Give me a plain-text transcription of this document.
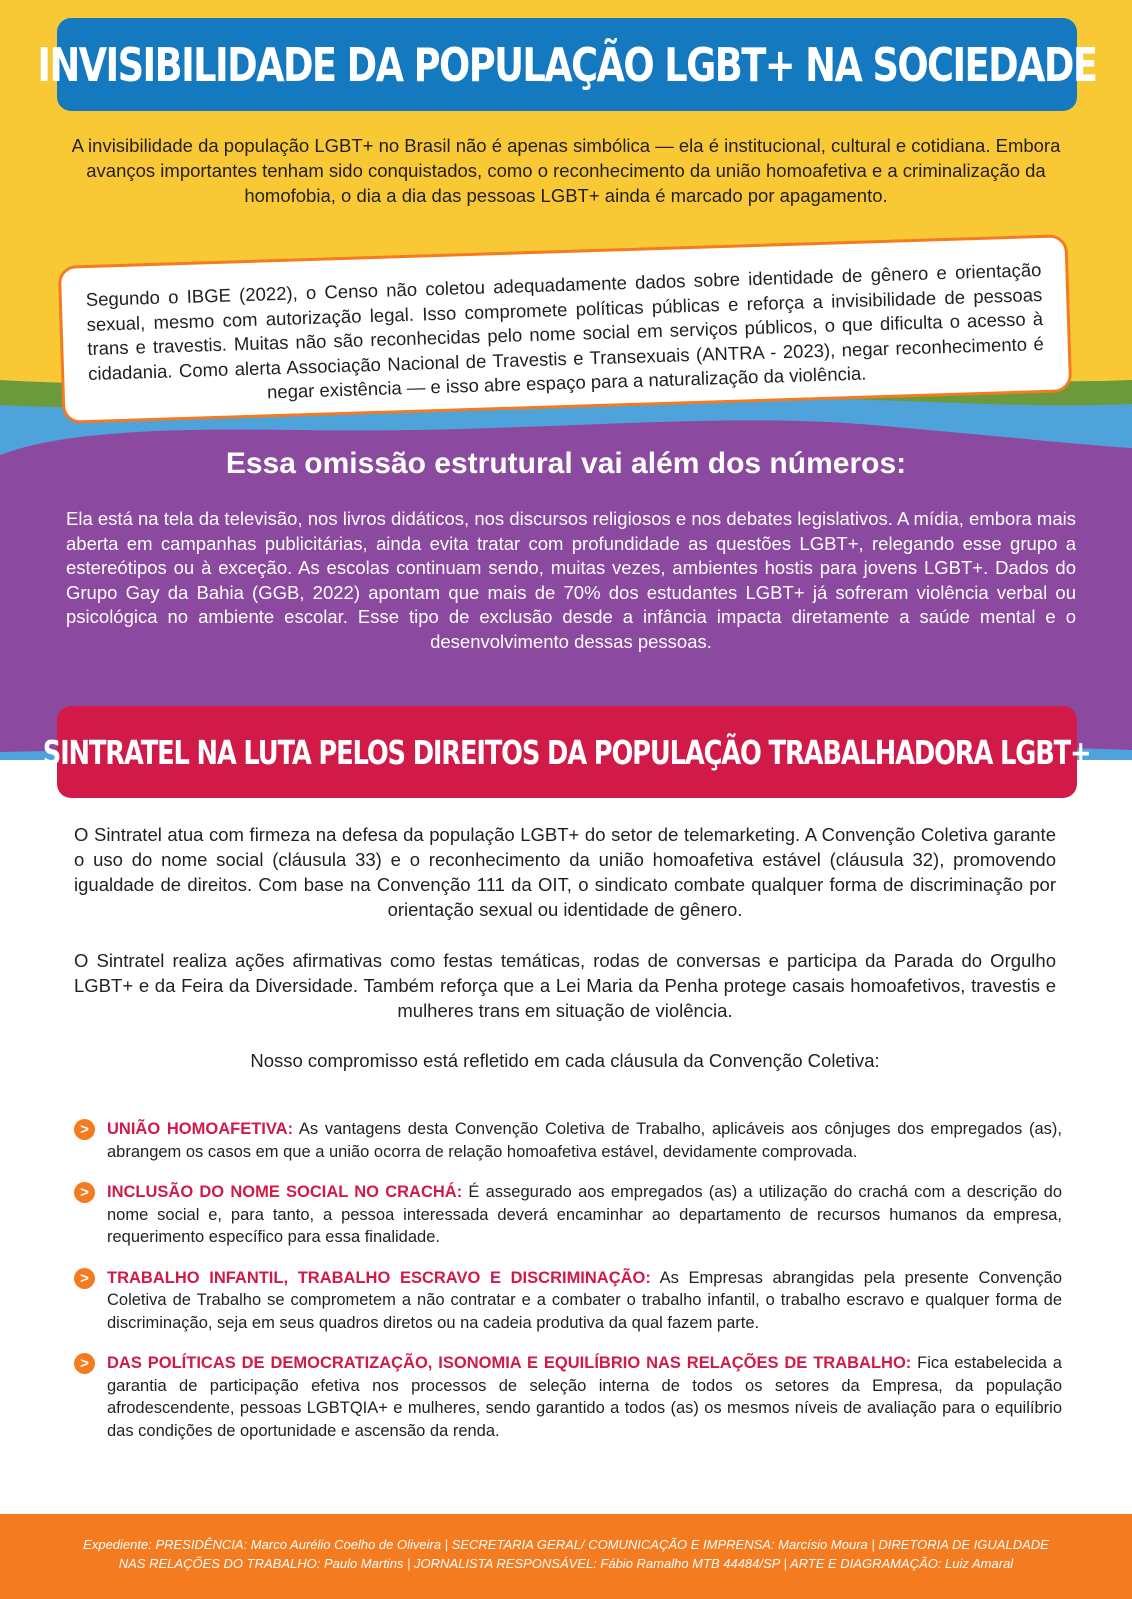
INVISIBILIDADE DA POPULAÇÃO LGBT+ NA SOCIEDADE

A invisibilidade da população LGBT+ no Brasil não é apenas simbólica — ela é institucional, cultural e cotidiana. Embora avanços importantes tenham sido conquistados, como o reconhecimento da união homoafetiva e a criminalização da homofobia, o dia a dia das pessoas LGBT+ ainda é marcado por apagamento.

Segundo o IBGE (2022), o Censo não coletou adequadamente dados sobre identidade de gênero e orientação sexual, mesmo com autorização legal. Isso compromete políticas públicas e reforça a invisibilidade de pessoas trans e travestis. Muitas não são reconhecidas pelo nome social em serviços públicos, o que dificulta o acesso à cidadania. Como alerta Associação Nacional de Travestis e Transexuais (ANTRA - 2023), negar reconhecimento é negar existência — e isso abre espaço para a naturalização da violência.

Essa omissão estrutural vai além dos números:

Ela está na tela da televisão, nos livros didáticos, nos discursos religiosos e nos debates legislativos. A mídia, embora mais aberta em campanhas publicitárias, ainda evita tratar com profundidade as questões LGBT+, relegando esse grupo a estereótipos ou à exceção. As escolas continuam sendo, muitas vezes, ambientes hostis para jovens LGBT+. Dados do Grupo Gay da Bahia (GGB, 2022) apontam que mais de 70% dos estudantes LGBT+ já sofreram violência verbal ou psicológica no ambiente escolar. Esse tipo de exclusão desde a infância impacta diretamente a saúde mental e o desenvolvimento dessas pessoas.

SINTRATEL NA LUTA PELOS DIREITOS DA POPULAÇÃO TRABALHADORA LGBT+

O Sintratel atua com firmeza na defesa da população LGBT+ do setor de telemarketing. A Convenção Coletiva garante o uso do nome social (cláusula 33) e o reconhecimento da união homoafetiva estável (cláusula 32), promovendo igualdade de direitos. Com base na Convenção 111 da OIT, o sindicato combate qualquer forma de discriminação por orientação sexual ou identidade de gênero.

O Sintratel realiza ações afirmativas como festas temáticas, rodas de conversas e participa da Parada do Orgulho LGBT+ e da Feira da Diversidade. Também reforça que a Lei Maria da Penha protege casais homoafetivos, travestis e mulheres trans em situação de violência.

Nosso compromisso está refletido em cada cláusula da Convenção Coletiva:

>	UNIÃO HOMOAFETIVA: As vantagens desta Convenção Coletiva de Trabalho, aplicáveis aos cônjuges dos empregados (as), abrangem os casos em que a união ocorra de relação homoafetiva estável, devidamente comprovada.

>	INCLUSÃO DO NOME SOCIAL NO CRACHÁ: É assegurado aos empregados (as) a utilização do crachá com a descrição do nome social e, para tanto, a pessoa interessada deverá encaminhar ao departamento de recursos humanos da empresa, requerimento específico para essa finalidade.

>	TRABALHO INFANTIL, TRABALHO ESCRAVO E DISCRIMINAÇÃO: As Empresas abrangidas pela presente Convenção Coletiva de Trabalho se comprometem a não contratar e a combater o trabalho infantil, o trabalho escravo e qualquer forma de discriminação, seja em seus quadros diretos ou na cadeia produtiva da qual fazem parte.

>	DAS POLÍTICAS DE DEMOCRATIZAÇÃO, ISONOMIA E EQUILÍBRIO NAS RELAÇÕES DE TRABALHO: Fica estabelecida a garantia de participação efetiva nos processos de seleção interna de todos os setores da Empresa, da população afrodescendente, pessoas LGBTQIA+ e mulheres, sendo garantido a todos (as) os mesmos níveis de avaliação para o equilíbrio das condições de oportunidade e ascensão da renda.

Expediente: PRESIDÊNCIA: Marco Aurélio Coelho de Oliveira | SECRETARIA GERAL/ COMUNICAÇÃO E IMPRENSA: Marcísio Moura | DIRETORIA DE IGUALDADE
NAS RELAÇÕES DO TRABALHO: Paulo Martins | JORNALISTA RESPONSÁVEL: Fábio Ramalho MTB 44484/SP | ARTE E DIAGRAMAÇÃO: Luiz Amaral
